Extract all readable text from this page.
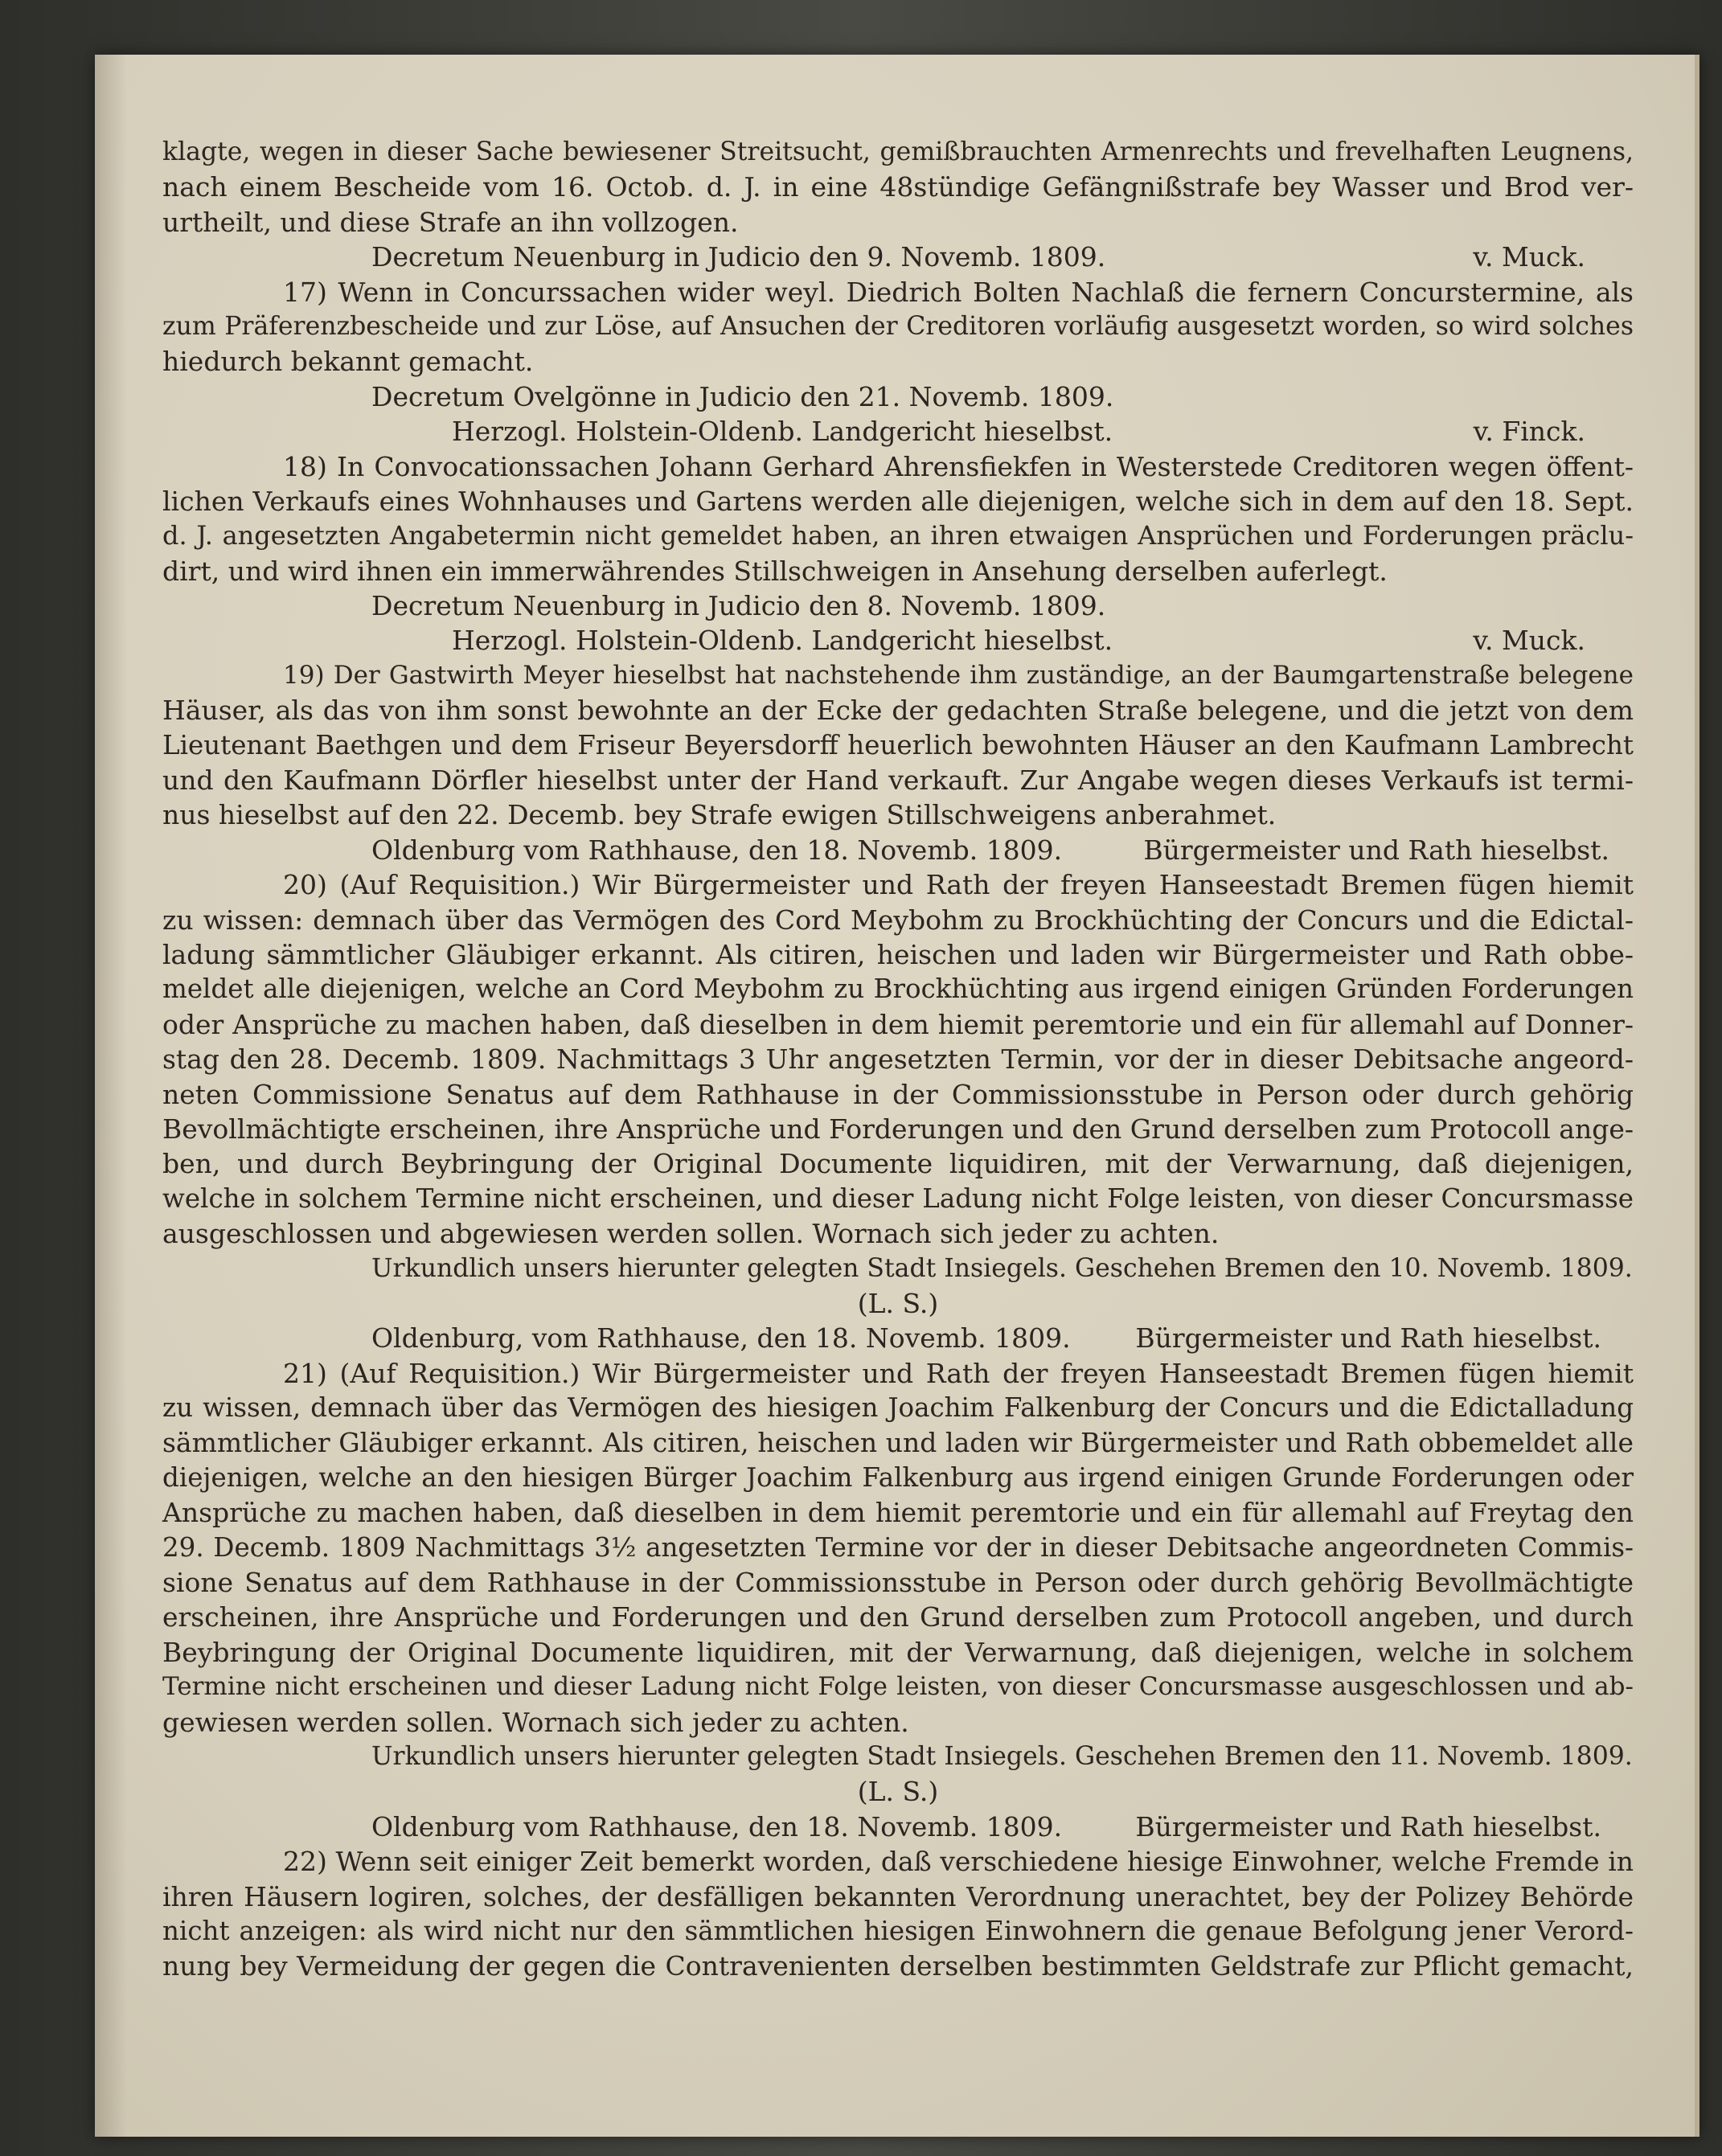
klagte, wegen in dieser Sache bewiesener Streitsucht, gemißbrauchten Armenrechts und frevelhaften Leugnens,
nach einem Bescheide vom 16. Octob. d. J. in eine 48stündige Gefängnißstrafe bey Wasser und Brod ver-
urtheilt, und diese Strafe an ihn vollzogen.
Decretum Neuenburg in Judicio den 9. Novemb. 1809.	v. Muck.
17) Wenn in Concurssachen wider weyl. Diedrich Bolten Nachlaß die fernern Concurstermine, als
zum Präferenzbescheide und zur Löse, auf Ansuchen der Creditoren vorläufig ausgesetzt worden, so wird solches
hiedurch bekannt gemacht.
Decretum Ovelgönne in Judicio den 21. Novemb. 1809.
Herzogl. Holstein-Oldenb. Landgericht hieselbst.	v. Finck.
18) In Convocationssachen Johann Gerhard Ahrensfiekfen in Westerstede Creditoren wegen öffent-
lichen Verkaufs eines Wohnhauses und Gartens werden alle diejenigen, welche sich in dem auf den 18. Sept.
d. J. angesetzten Angabetermin nicht gemeldet haben, an ihren etwaigen Ansprüchen und Forderungen präclu-
dirt, und wird ihnen ein immerwährendes Stillschweigen in Ansehung derselben auferlegt.
Decretum Neuenburg in Judicio den 8. Novemb. 1809.
Herzogl. Holstein-Oldenb. Landgericht hieselbst.	v. Muck.
19) Der Gastwirth Meyer hieselbst hat nachstehende ihm zuständige, an der Baumgartenstraße belegene
Häuser, als das von ihm sonst bewohnte an der Ecke der gedachten Straße belegene, und die jetzt von dem
Lieutenant Baethgen und dem Friseur Beyersdorff heuerlich bewohnten Häuser an den Kaufmann Lambrecht
und den Kaufmann Dörfler hieselbst unter der Hand verkauft. Zur Angabe wegen dieses Verkaufs ist termi-
nus hieselbst auf den 22. Decemb. bey Strafe ewigen Stillschweigens anberahmet.
Oldenburg vom Rathhause, den 18. Novemb. 1809.	Bürgermeister und Rath hieselbst.
20) (Auf Requisition.) Wir Bürgermeister und Rath der freyen Hanseestadt Bremen fügen hiemit
zu wissen: demnach über das Vermögen des Cord Meybohm zu Brockhüchting der Concurs und die Edictal-
ladung sämmtlicher Gläubiger erkannt. Als citiren, heischen und laden wir Bürgermeister und Rath obbe-
meldet alle diejenigen, welche an Cord Meybohm zu Brockhüchting aus irgend einigen Gründen Forderungen
oder Ansprüche zu machen haben, daß dieselben in dem hiemit peremtorie und ein für allemahl auf Donner-
stag den 28. Decemb. 1809. Nachmittags 3 Uhr angesetzten Termin, vor der in dieser Debitsache angeord-
neten Commissione Senatus auf dem Rathhause in der Commissionsstube in Person oder durch gehörig
Bevollmächtigte erscheinen, ihre Ansprüche und Forderungen und den Grund derselben zum Protocoll ange-
ben, und durch Beybringung der Original Documente liquidiren, mit der Verwarnung, daß diejenigen,
welche in solchem Termine nicht erscheinen, und dieser Ladung nicht Folge leisten, von dieser Concursmasse
ausgeschlossen und abgewiesen werden sollen. Wornach sich jeder zu achten.
Urkundlich unsers hierunter gelegten Stadt Insiegels. Geschehen Bremen den 10. Novemb. 1809.
(L. S.)
Oldenburg, vom Rathhause, den 18. Novemb. 1809. Bürgermeister und Rath hieselbst.
21) (Auf Requisition.) Wir Bürgermeister und Rath der freyen Hanseestadt Bremen fügen hiemit
zu wissen, demnach über das Vermögen des hiesigen Joachim Falkenburg der Concurs und die Edictalladung
sämmtlicher Gläubiger erkannt. Als citiren, heischen und laden wir Bürgermeister und Rath obbemeldet alle
diejenigen, welche an den hiesigen Bürger Joachim Falkenburg aus irgend einigen Grunde Forderungen oder
Ansprüche zu machen haben, daß dieselben in dem hiemit peremtorie und ein für allemahl auf Freytag den
29. Decemb. 1809 Nachmittags 3½ angesetzten Termine vor der in dieser Debitsache angeordneten Commis-
sione Senatus auf dem Rathhause in der Commissionsstube in Person oder durch gehörig Bevollmächtigte
erscheinen, ihre Ansprüche und Forderungen und den Grund derselben zum Protocoll angeben, und durch
Beybringung der Original Documente liquidiren, mit der Verwarnung, daß diejenigen, welche in solchem
Termine nicht erscheinen und dieser Ladung nicht Folge leisten, von dieser Concursmasse ausgeschlossen und ab-
gewiesen werden sollen. Wornach sich jeder zu achten.
Urkundlich unsers hierunter gelegten Stadt Insiegels. Geschehen Bremen den 11. Novemb. 1809.
(L. S.)
Oldenburg vom Rathhause, den 18. Novemb. 1809.	Bürgermeister und Rath hieselbst.
22) Wenn seit einiger Zeit bemerkt worden, daß verschiedene hiesige Einwohner, welche Fremde in
ihren Häusern logiren, solches, der desfälligen bekannten Verordnung unerachtet, bey der Polizey Behörde
nicht anzeigen: als wird nicht nur den sämmtlichen hiesigen Einwohnern die genaue Befolgung jener Verord-
nung bey Vermeidung der gegen die Contravenienten derselben bestimmten Geldstrafe zur Pflicht gemacht,
